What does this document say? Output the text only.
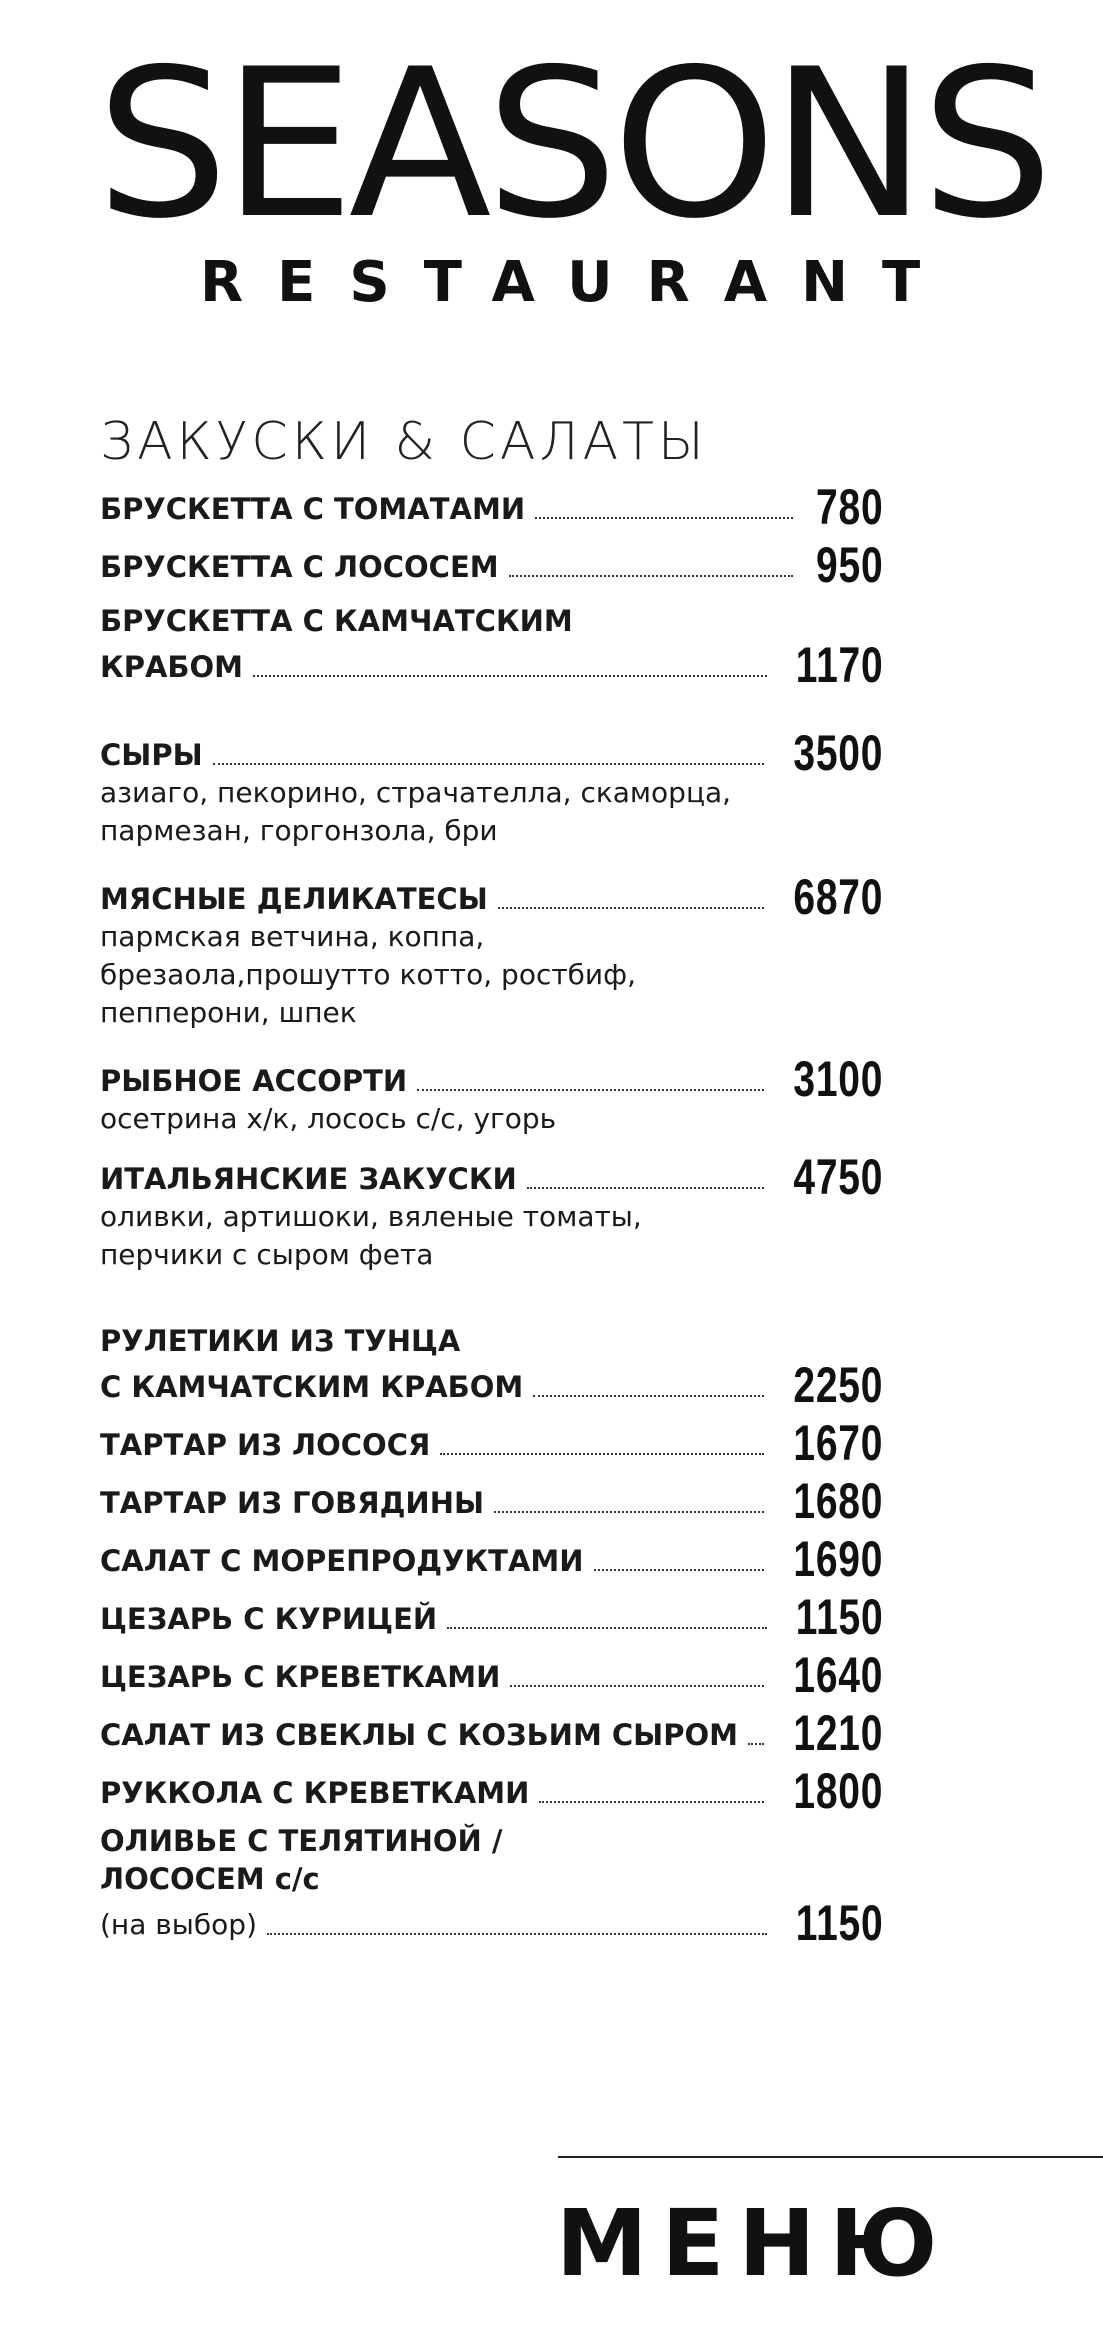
SEASONS
RESTAURANT
ЗАКУСКИ & САЛАТЫ
БРУСКЕТТА С ТОМАТАМИ	780
БРУСКЕТТА С ЛОСОСЕМ	950
БРУСКЕТТА С КАМЧАТСКИМ
КРАБОМ	1170
СЫРЫ	3500
азиаго, пекорино, страчателла, скаморца,
пармезан, горгонзола, бри
МЯСНЫЕ ДЕЛИКАТЕСЫ	6870
пармская ветчина, коппа,
брезаола,прошутто котто, ростбиф,
пепперони, шпек
РЫБНОЕ АССОРТИ	3100
осетрина х/к, лосось с/с, угорь
ИТАЛЬЯНСКИЕ ЗАКУСКИ	4750
оливки, артишоки, вяленые томаты,
перчики с сыром фета
РУЛЕТИКИ ИЗ ТУНЦА
С КАМЧАТСКИМ КРАБОМ	2250
ТАРТАР ИЗ ЛОСОСЯ	1670
ТАРТАР ИЗ ГОВЯДИНЫ	1680
САЛАТ С МОРЕПРОДУКТАМИ	1690
ЦЕЗАРЬ С КУРИЦЕЙ	1150
ЦЕЗАРЬ С КРЕВЕТКАМИ	1640
САЛАТ ИЗ СВЕКЛЫ С КОЗЬИМ СЫРОМ 1210
РУККОЛА С КРЕВЕТКАМИ	1800
ОЛИВЬЕ С ТЕЛЯТИНОЙ /
ЛОСОСЕМ с/с
(на выбор)	1150
МЕНЮ
